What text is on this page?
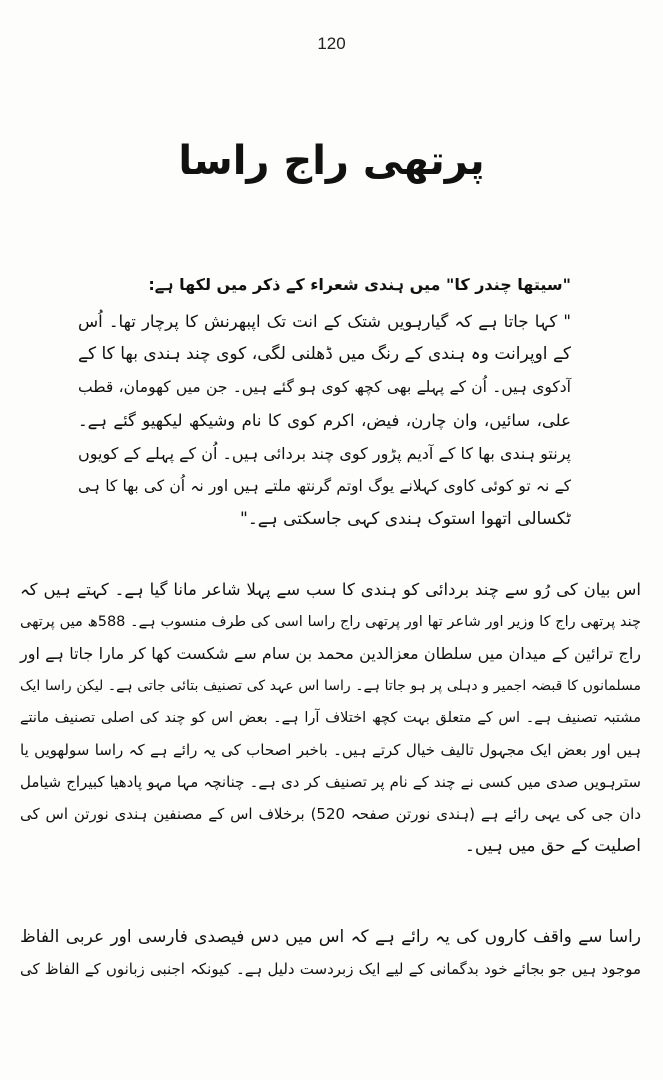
120
پرتھی راج راسا
"سیتھا چندر کا" میں ہندی شعراء کے ذکر میں لکھا ہے:
" کہا جاتا ہے کہ گیارہویں شتک کے انت تک اپبھرنش کا پرچار تھا۔ اُس
کے اوپرانت وہ ہندی کے رنگ میں ڈھلنی لگی، کوی چند ہندی بھا کا کے
آدکوی ہیں۔ اُن کے پہلے بھی کچھ کوی ہو گئے ہیں۔ جن میں کھومان، قطب
علی، سائیں، وان چارن، فیض، اکرم کوی کا نام وشیکھ لیکھیو گئے ہے۔
پرنتو ہندی بھا کا کے آدیم پڑور کوی چند بردائی ہیں۔ اُن کے پہلے کے کویوں
کے نہ تو کوئی کاوی کہلانے یوگ اوتم گرنتھ ملتے ہیں اور نہ اُن کی بھا کا ہی
ٹکسالی اتھوا استوک ہندی کہی جاسکتی ہے۔"
اس بیان کی رُو سے چند بردائی کو ہندی کا سب سے پہلا شاعر مانا گیا ہے۔ کہتے ہیں کہ
چند پرتھی راج کا وزیر اور شاعر تھا اور پرتھی راج راسا اسی کی طرف منسوب ہے۔ 588ھ میں پرتھی
راج ترائین کے میدان میں سلطان معزالدین محمد بن سام سے شکست کھا کر مارا جاتا ہے اور
مسلمانوں کا قبضہ اجمیر و دہلی پر ہو جاتا ہے۔ راسا اس عہد کی تصنیف بتائی جاتی ہے۔ لیکن راسا ایک
مشتبہ تصنیف ہے۔ اس کے متعلق بہت کچھ اختلاف آرا ہے۔ بعض اس کو چند کی اصلی تصنیف مانتے
ہیں اور بعض ایک مجہول تالیف خیال کرتے ہیں۔ باخبر اصحاب کی یہ رائے ہے کہ راسا سولھویں یا
سترہویں صدی میں کسی نے چند کے نام پر تصنیف کر دی ہے۔ چنانچہ مہا مہو پادھیا کبیراج شیامل
دان جی کی یہی رائے ہے (ہندی نورتن صفحہ 520) برخلاف اس کے مصنفین ہندی نورتن اس کی
اصلیت کے حق میں ہیں۔
راسا سے واقف کاروں کی یہ رائے ہے کہ اس میں دس فیصدی فارسی اور عربی الفاظ
موجود ہیں جو بجائے خود بدگمانی کے لیے ایک زبردست دلیل ہے۔ کیونکہ اجنبی زبانوں کے الفاظ کی
